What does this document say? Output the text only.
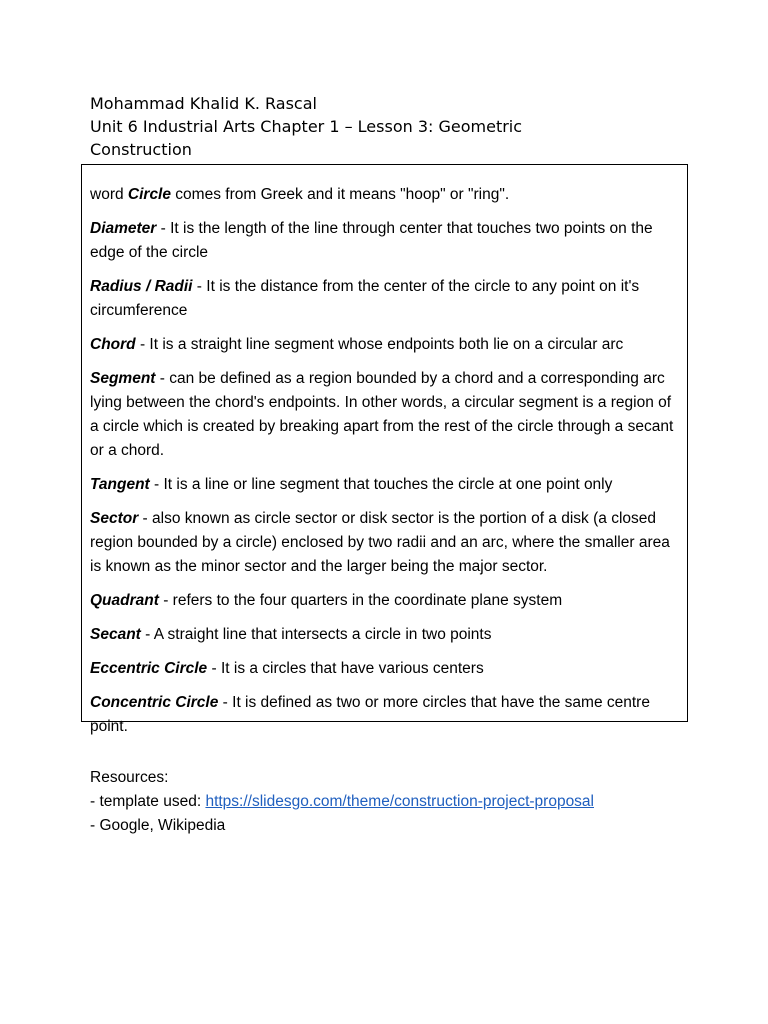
Mohammad Khalid K. Rascal
Unit 6 Industrial Arts Chapter 1 – Lesson 3: Geometric
Construction

word Circle comes from Greek and it means "hoop" or "ring".

Diameter - It is the length of the line through center that touches two points on the edge of the circle

Radius / Radii - It is the distance from the center of the circle to any point on it's circumference

Chord - It is a straight line segment whose endpoints both lie on a circular arc

Segment - can be defined as a region bounded by a chord and a corresponding arc lying between the chord's endpoints. In other words, a circular segment is a region of a circle which is created by breaking apart from the rest of the circle through a secant or a chord.

Tangent - It is a line or line segment that touches the circle at one point only

Sector - also known as circle sector or disk sector is the portion of a disk (a closed region bounded by a circle) enclosed by two radii and an arc, where the smaller area is known as the minor sector and the larger being the major sector.

Quadrant - refers to the four quarters in the coordinate plane system

Secant - A straight line that intersects a circle in two points

Eccentric Circle - It is a circles that have various centers

Concentric Circle - It is defined as two or more circles that have the same centre point.

Resources:
- template used: https://slidesgo.com/theme/construction-project-proposal
- Google, Wikipedia
